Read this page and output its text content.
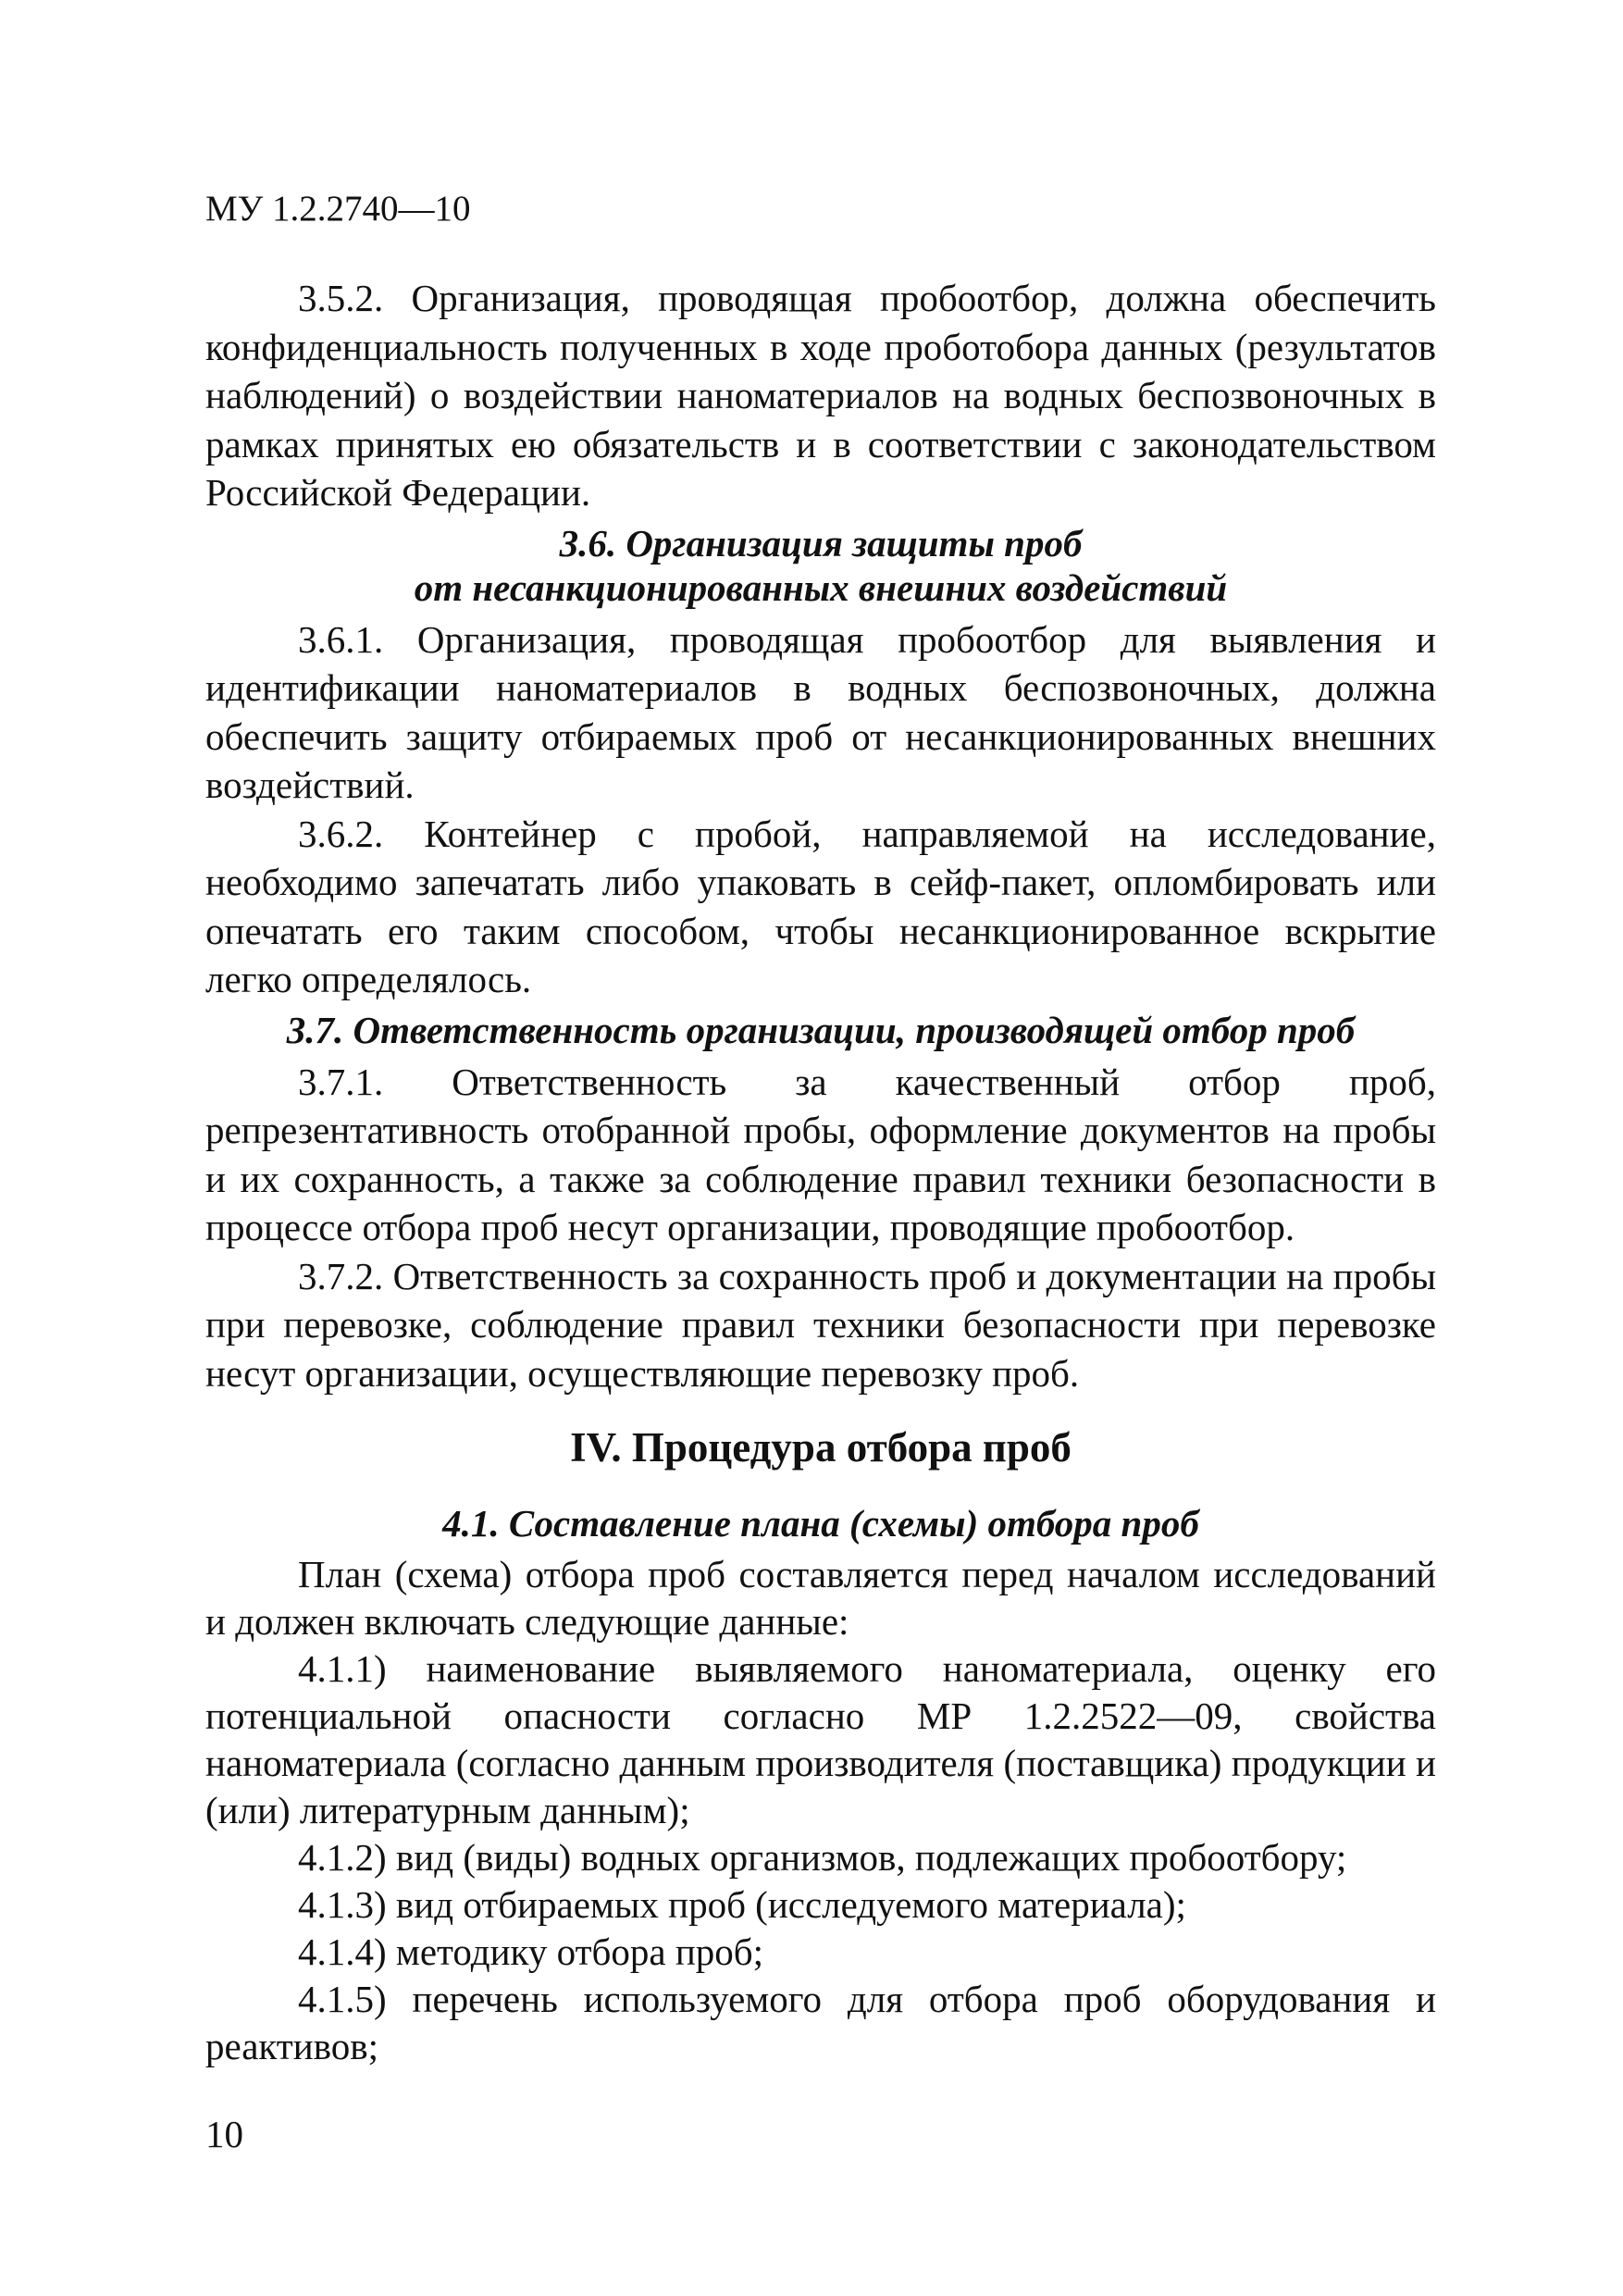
МУ 1.2.2740—10

3.5.2. Организация, проводящая пробоотбор, должна обеспечить конфиденциальность полученных в ходе проботобора данных (результатов наблюдений) о воздействии наноматериалов на водных беспозвоночных в рамках принятых ею обязательств и в соответствии с законодательством Российской Федерации.

3.6. Организация защиты проб
от несанкционированных внешних воздействий

3.6.1. Организация, проводящая пробоотбор для выявления и идентификации наноматериалов в водных беспозвоночных, должна обеспечить защиту отбираемых проб от несанкционированных внешних воздействий.

3.6.2. Контейнер с пробой, направляемой на исследование, необходимо запечатать либо упаковать в сейф-пакет, опломбировать или опечатать его таким способом, чтобы несанкционированное вскрытие легко определялось.

3.7. Ответственность организации, производящей отбор проб

3.7.1. Ответственность за качественный отбор проб, репрезентативность отобранной пробы, оформление документов на пробы и их сохранность, а также за соблюдение правил техники безопасности в процессе отбора проб несут организации, проводящие пробоотбор.

3.7.2. Ответственность за сохранность проб и документации на пробы при перевозке, соблюдение правил техники безопасности при перевозке несут организации, осуществляющие перевозку проб.

IV. Процедура отбора проб
4.1. Составление плана (схемы) отбора проб

План (схема) отбора проб составляется перед началом исследований и должен включать следующие данные:

4.1.1) наименование выявляемого наноматериала, оценку его потенциальной опасности согласно МР 1.2.2522—09, свойства наноматериала (согласно данным производителя (поставщика) продукции и (или) литературным данным);

4.1.2) вид (виды) водных организмов, подлежащих пробоотбору;

4.1.3) вид отбираемых проб (исследуемого материала);

4.1.4) методику отбора проб;

4.1.5) перечень используемого для отбора проб оборудования и реактивов;

10
